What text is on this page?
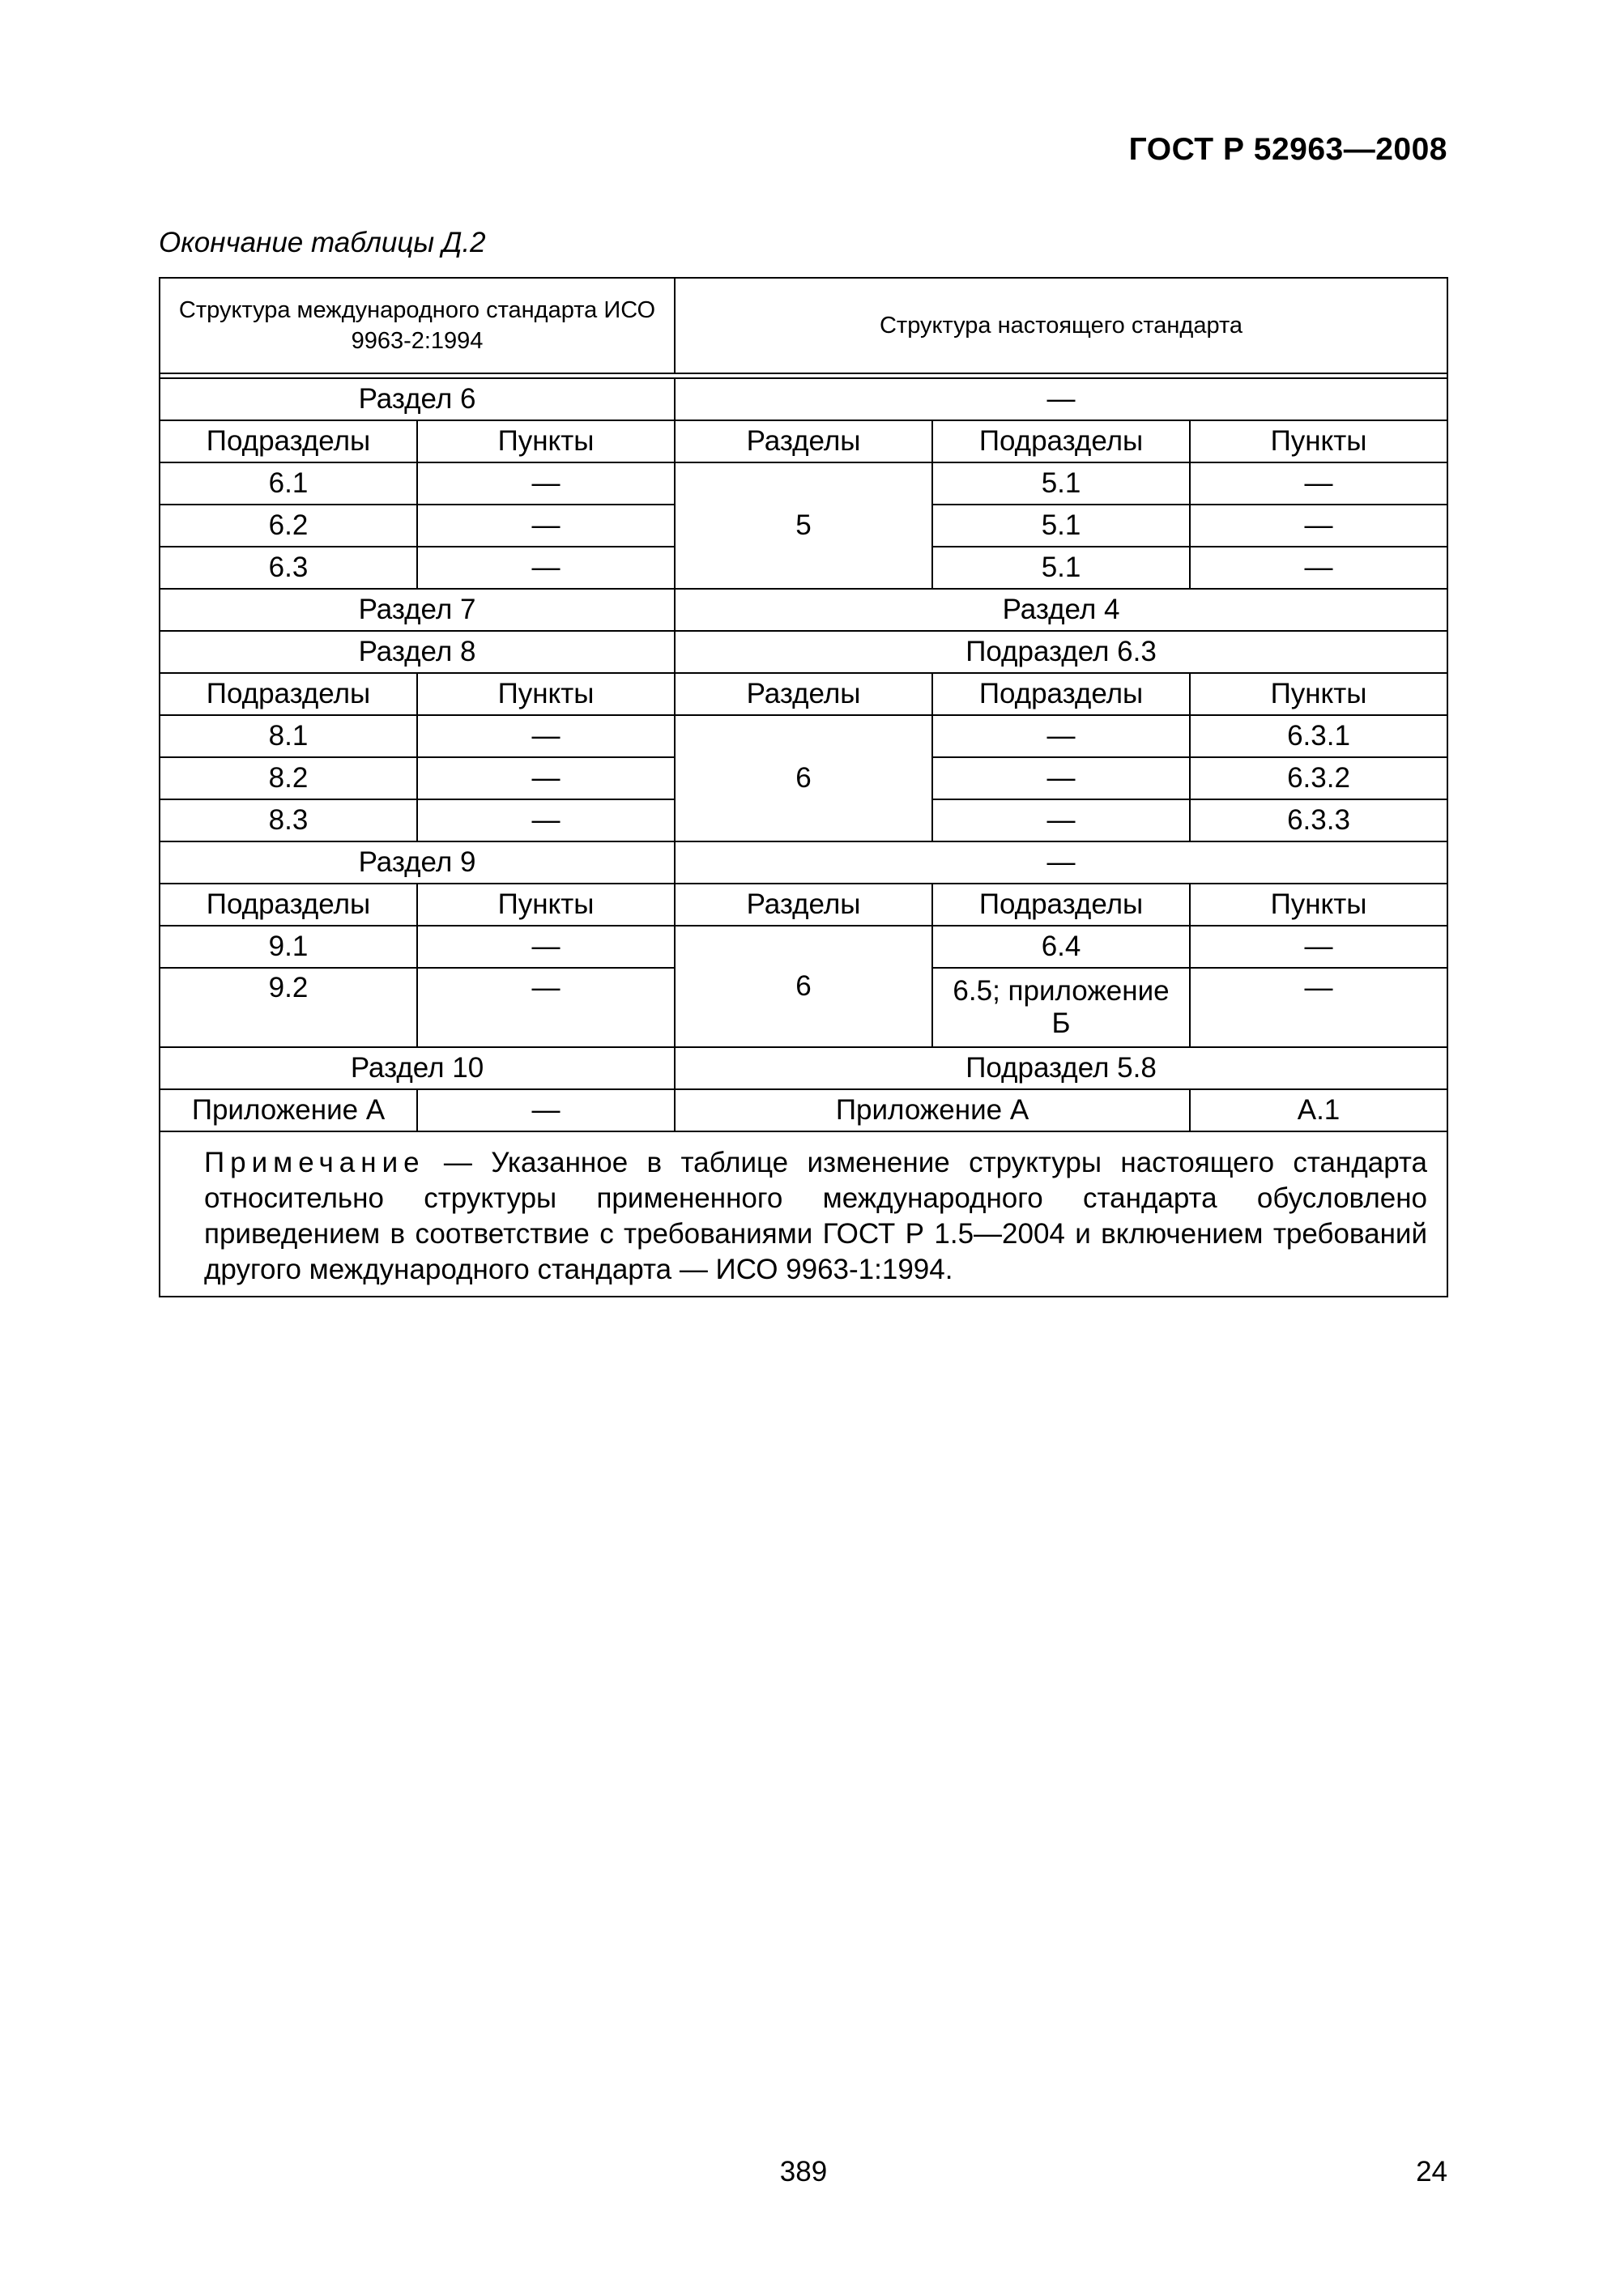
ГОСТ Р 52963—2008
Окончание таблицы Д.2
Структура международного стандарта ИСО 9963-2:1994		Структура настоящего стандарта		

Раздел 6		—		
Подразделы	Пункты	Разделы	Подразделы	Пункты
6.1	—	5	5.1	—
6.2	—		5.1	—
6.3	—		5.1	—
Раздел 7		Раздел 4		
Раздел 8		Подраздел 6.3		
Подразделы	Пункты	Разделы	Подразделы	Пункты
8.1	—	6	—	6.3.1
8.2	—		—	6.3.2
8.3	—		—	6.3.3
Раздел 9		—		
Подразделы	Пункты	Разделы	Подразделы	Пункты
9.1	—	6	6.4	—
9.2	—		6.5; приложение Б	—
Раздел 10		Подраздел 5.8		
Приложение А	—	Приложение А		А.1
Примечание — Указанное в таблице изменение структуры настоящего стандарта относительно структуры примененного международного стандарта обусловлено приведением в соответствие с требованиями ГОСТ Р 1.5—2004 и включением требований другого международного стандарта — ИСО 9963-1:1994.				
389	24
